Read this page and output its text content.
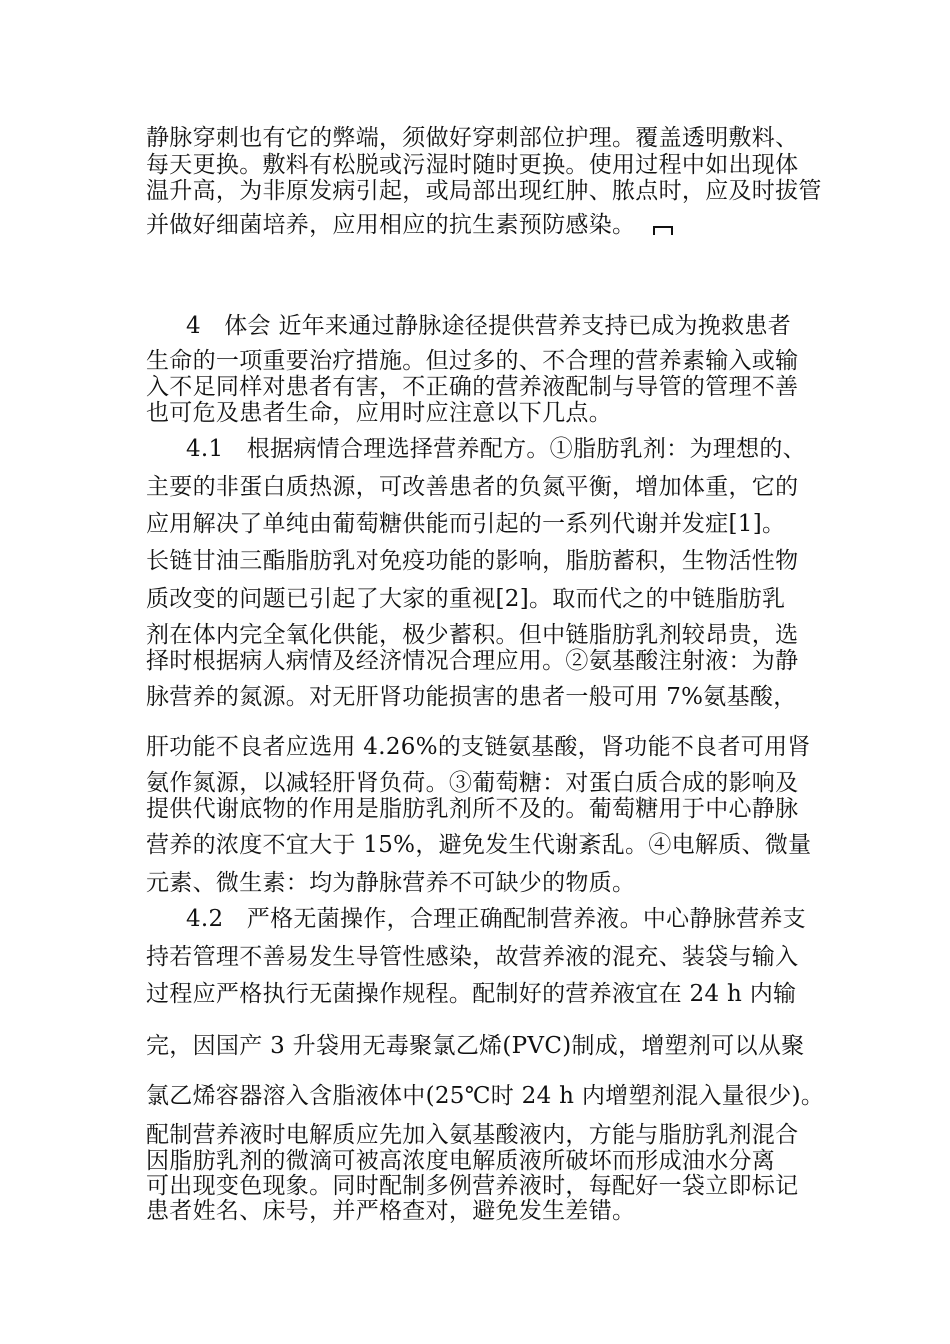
静脉穿刺也有它的弊端，须做好穿刺部位护理。覆盖透明敷料、
每天更换。敷料有松脱或污湿时随时更换。使用过程中如出现体
温升高，为非原发病引起，或局部出现红肿、脓点时，应及时拔管
并做好细菌培养，应用相应的抗生素预防感染。
4　体会 近年来通过静脉途径提供营养支持已成为挽救患者
生命的一项重要治疗措施。但过多的、不合理的营养素输入或输
入不足同样对患者有害，不正确的营养液配制与导管的管理不善
也可危及患者生命，应用时应注意以下几点。
4.1　根据病情合理选择营养配方。①脂肪乳剂：为理想的、
主要的非蛋白质热源，可改善患者的负氮平衡，增加体重，它的
应用解决了单纯由葡萄糖供能而引起的一系列代谢并发症[1]。
长链甘油三酯脂肪乳对免疫功能的影响，脂肪蓄积，生物活性物
质改变的问题已引起了大家的重视[2]。取而代之的中链脂肪乳
剂在体内完全氧化供能，极少蓄积。但中链脂肪乳剂较昂贵，选
择时根据病人病情及经济情况合理应用。②氨基酸注射液：为静
脉营养的氮源。对无肝肾功能损害的患者一般可用 7%氨基酸，
肝功能不良者应选用 4.26%的支链氨基酸，肾功能不良者可用肾
氨作氮源，以减轻肝肾负荷。③葡萄糖：对蛋白质合成的影响及
提供代谢底物的作用是脂肪乳剂所不及的。葡萄糖用于中心静脉
营养的浓度不宜大于 15%，避免发生代谢紊乱。④电解质、微量
元素、微生素：均为静脉营养不可缺少的物质。
4.2　严格无菌操作，合理正确配制营养液。中心静脉营养支
持若管理不善易发生导管性感染，故营养液的混充、装袋与输入
过程应严格执行无菌操作规程。配制好的营养液宜在 24 h 内输
完，因国产 3 升袋用无毒聚氯乙烯(PVC)制成，增塑剂可以从聚
氯乙烯容器溶入含脂液体中(25℃时 24 h 内增塑剂混入量很少)。
配制营养液时电解质应先加入氨基酸液内，方能与脂肪乳剂混合
因脂肪乳剂的微滴可被高浓度电解质液所破坏而形成油水分离
可出现变色现象。同时配制多例营养液时，每配好一袋立即标记
患者姓名、床号，并严格查对，避免发生差错。
